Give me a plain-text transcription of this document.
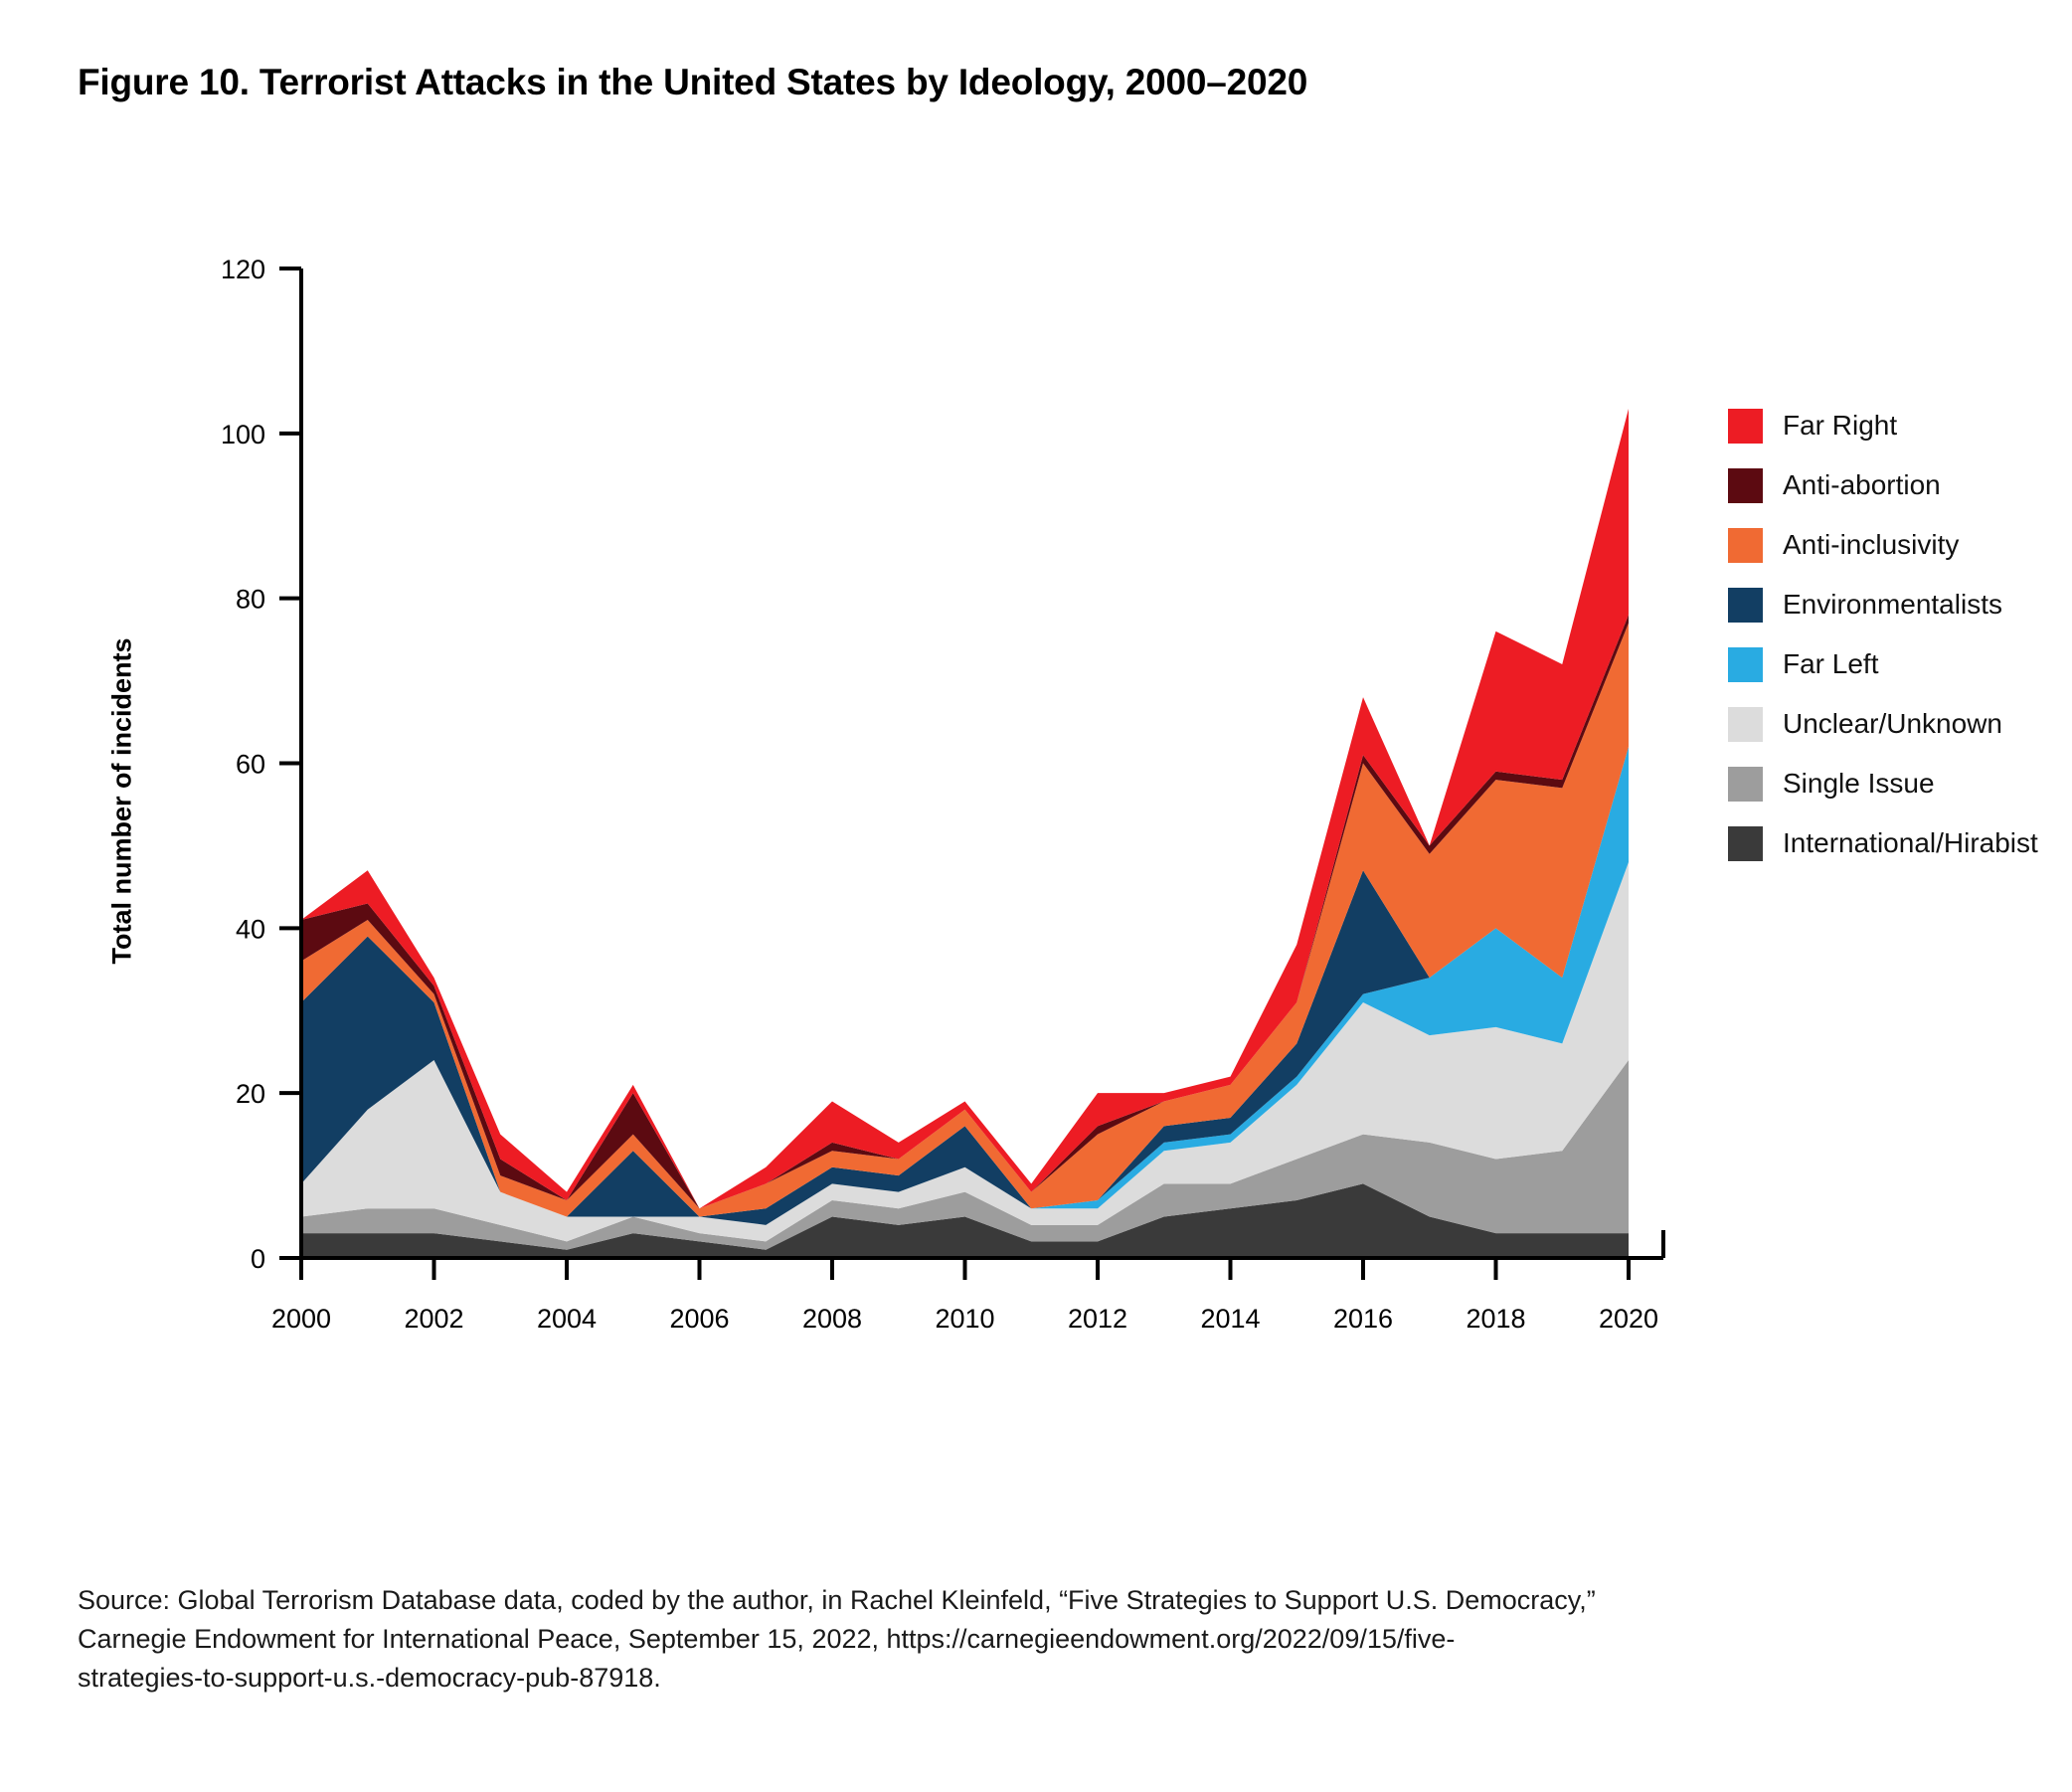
Figure 10. Terrorist Attacks in the United States by Ideology, 2000–2020
Total number of incidents
0
20
40
60
80
100
120
2000	2002	2004	2006	2008	2010	2012	2014	2016	2018	2020
Far Right
Anti-abortion
Anti-inclusivity
Environmentalists
Far Left
Unclear/Unknown
Single Issue
International/Hirabist
Source: Global Terrorism Database data, coded by the author, in Rachel Kleinfeld, “Five Strategies to Support U.S. Democracy,”
Carnegie Endowment for International Peace, September 15, 2022, https://carnegieendowment.org/2022/09/15/five-
strategies-to-support-u.s.-democracy-pub-87918.
